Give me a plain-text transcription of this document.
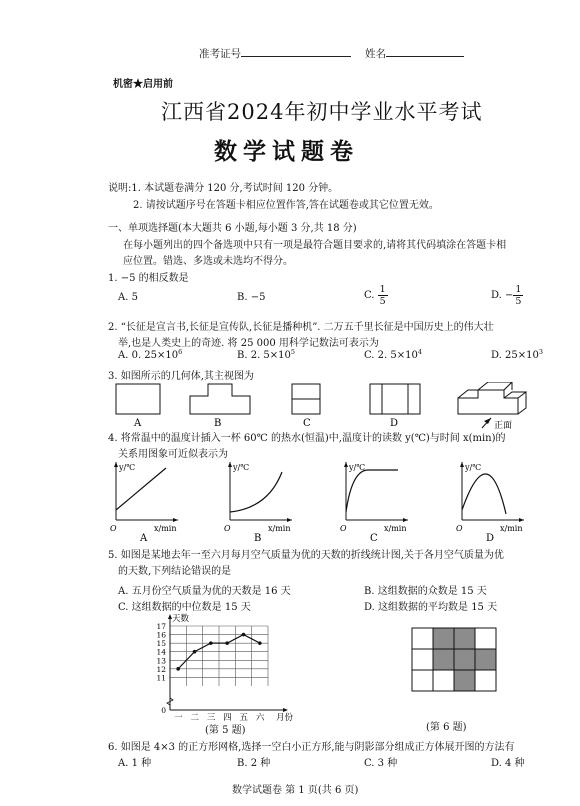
准考证号	姓名
机密★启用前
江西省2024年初中学业水平考试
数学试题卷
说明:1. 本试题卷满分 120 分,考试时间 120 分钟。
2. 请按试题序号在答题卡相应位置作答,答在试题卷或其它位置无效。
一、单项选择题(本大题共 6 小题,每小题 3 分,共 18 分)
在每小题列出的四个备选项中只有一项是最符合题目要求的,请将其代码填涂在答题卡相
应位置。错选、多选或未选均不得分。
1. −5 的相反数是
A. 5	B. −5	C. $\frac{1}{5}$	D. − $\frac{1}{5}$
2. “长征是宣言书,长征是宣传队,长征是播种机”. 二万五千里长征是中国历史上的伟大壮
举,也是人类史上的奇迹. 将 25 000 用科学记数法可表示为
A. 0. $25\times 10^6$	B. 2. $5\times 10^5$	C. 2. $5\times 10^4$	D. $25\times 10^3$
3. 如图所示的几何体,其主视图为
A	B	C	D	正面
4. 将常温中的温度计插入一杯 60℃ 的热水(恒温)中,温度计的读数 y(℃)与时间 x(min)的
关系用图象可近似表示为
y/℃
x/min
O
A
y/℃
x/min
O
B
y/℃
x/min
O
C
y/℃
x/min
O
D
5. 如图是某地去年一至六月每月空气质量为优的天数的折线统计图,关于各月空气质量为优
的天数,下列结论错误的是
A. 五月份空气质量为优的天数是 16 天	B. 这组数据的众数是 15 天
C. 这组数据的中位数是 15 天	D. 这组数据的平均数是 15 天
0
11
12
13
14
15
16
17
天数
一 二 三 四 五 六 月份
(第 5 题)	(第 6 题)
6. 如图是 4×3 的正方形网格,选择一空白小正方形,能与阴影部分组成正方体展开图的方法有
A. 1 种	B. 2 种	C. 3 种	D. 4 种
数学试题卷 第 1 页(共 6 页)
